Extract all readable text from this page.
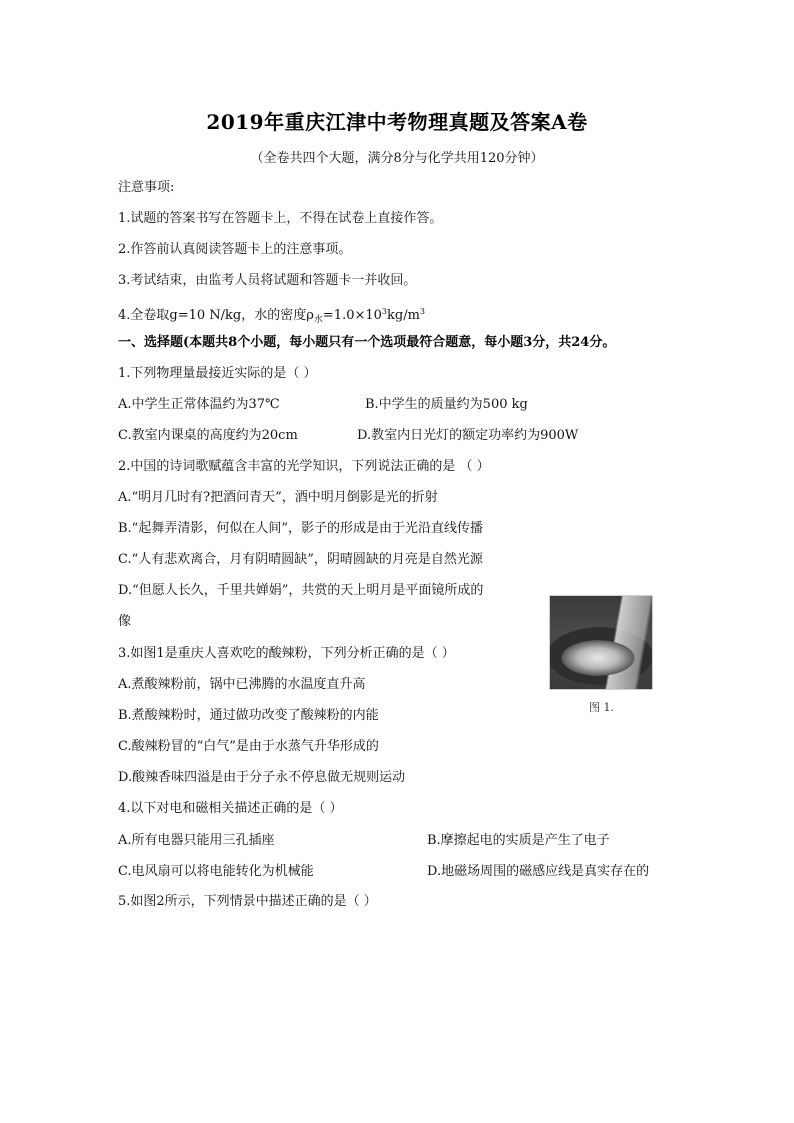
2019年重庆江津中考物理真题及答案A卷
（全卷共四个大题，满分8分与化学共用120分钟）
注意事项:
1.试题的答案书写在答题卡上，不得在试卷上直接作答。
2.作答前认真阅读答题卡上的注意事项。
3.考试结束，由监考人员将试题和答题卡一并收回。
4.全卷取g=10 N/kg，水的密度$\rho_水=1.0\times 10^3kg/m^3$
一、选择题(本题共8个小题，每小题只有一个选项最符合题意，每小题3分，共24分。
1.下列物理量最接近实际的是（ ）
A.中学生正常体温约为37℃	B.中学生的质量约为500 kg
C.教室内课桌的高度约为20cm	D.教室内日光灯的额定功率约为900W
2.中国的诗词歌赋蕴含丰富的光学知识，下列说法正确的是 （ ）
A.“明月几时有?把酒问青天”，酒中明月倒影是光的折射
B.“起舞弄清影，何似在人间”，影子的形成是由于光沿直线传播
C.“人有悲欢离合，月有阴晴圆缺”，阴晴圆缺的月亮是自然光源
D.“但愿人长久，千里共婵娟”，共赏的天上明月是平面镜所成的
像
3.如图1是重庆人喜欢吃的酸辣粉，下列分析正确的是（ ）
A.煮酸辣粉前，锅中已沸腾的水温度直升高
B.煮酸辣粉时，通过做功改变了酸辣粉的内能
C.酸辣粉冒的“白气”是由于水蒸气升华形成的
D.酸辣香味四溢是由于分子永不停息做无规则运动
图 1.
4.以下对电和磁相关描述正确的是（ ）
A.所有电器只能用三孔插座	B.摩擦起电的实质是产生了电子
C.电风扇可以将电能转化为机械能	D.地磁场周围的磁感应线是真实存在的
5.如图2所示，下列情景中描述正确的是（ ）
